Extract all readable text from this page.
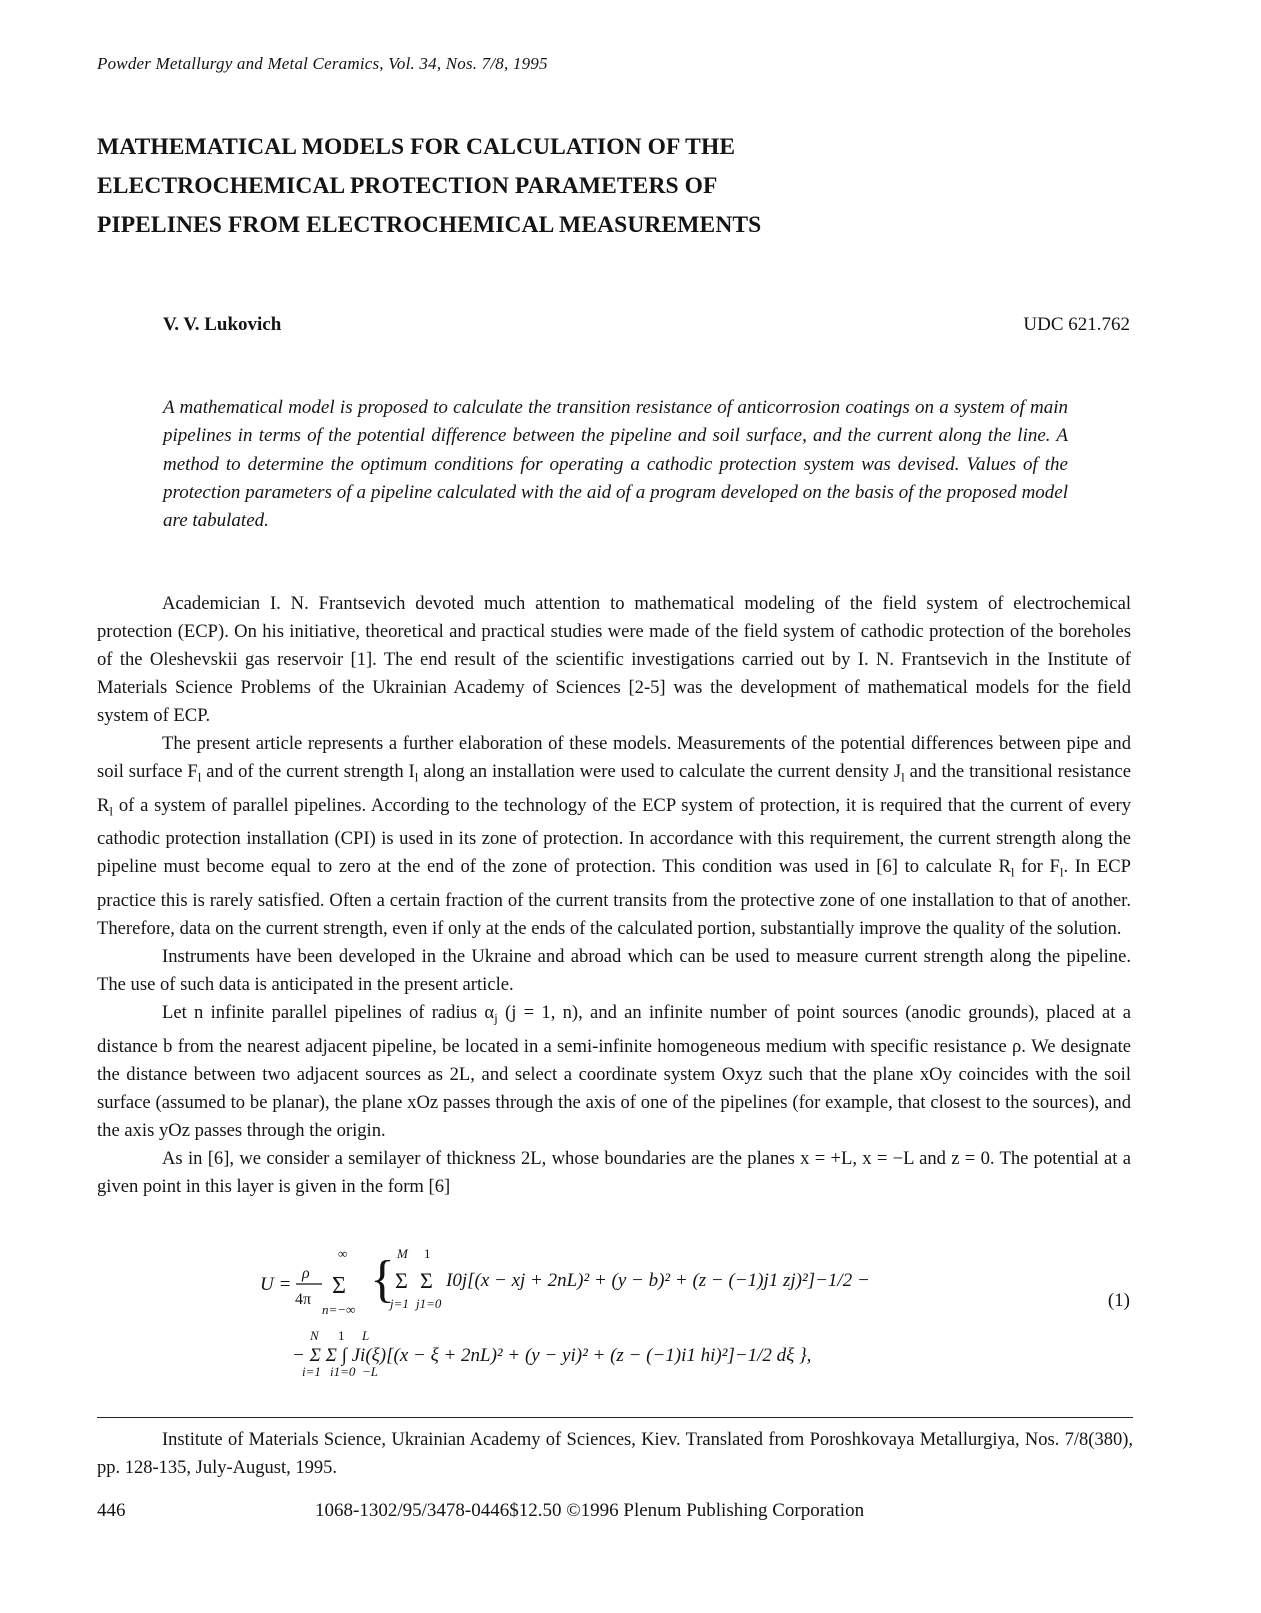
Powder Metallurgy and Metal Ceramics, Vol. 34, Nos. 7/8, 1995
MATHEMATICAL MODELS FOR CALCULATION OF THE
ELECTROCHEMICAL PROTECTION PARAMETERS OF
PIPELINES FROM ELECTROCHEMICAL MEASUREMENTS
V. V. Lukovich	UDC 621.762
A mathematical model is proposed to calculate the transition resistance of anticorrosion coatings on a system of main pipelines in terms of the potential difference between the pipeline and soil surface, and the current along the line. A method to determine the optimum conditions for operating a cathodic protection system was devised. Values of the protection parameters of a pipeline calculated with the aid of a program developed on the basis of the proposed model are tabulated.

Academician I. N. Frantsevich devoted much attention to mathematical modeling of the field system of electrochemical protection (ECP). On his initiative, theoretical and practical studies were made of the field system of cathodic protection of the boreholes of the Oleshevskii gas reservoir [1]. The end result of the scientific investigations carried out by I. N. Frantsevich in the Institute of Materials Science Problems of the Ukrainian Academy of Sciences [2-5] was the development of mathematical models for the field system of ECP.

The present article represents a further elaboration of these models. Measurements of the potential differences between pipe and soil surface $F_l$ and of the current strength $I_l$ along an installation were used to calculate the current density $J_l$ and the transitional resistance $R_l$ of a system of parallel pipelines. According to the technology of the ECP system of protection, it is required that the current of every cathodic protection installation (CPI) is used in its zone of protection. In accordance with this requirement, the current strength along the pipeline must become equal to zero at the end of the zone of protection. This condition was used in [6] to calculate $R_l$ for $F_l$. In ECP practice this is rarely satisfied. Often a certain fraction of the current transits from the protective zone of one installation to that of another. Therefore, data on the current strength, even if only at the ends of the calculated portion, substantially improve the quality of the solution.

Instruments have been developed in the Ukraine and abroad which can be used to measure current strength along the pipeline. The use of such data is anticipated in the present article.

Let n infinite parallel pipelines of radius $\alpha_j$ (j = 1, n), and an infinite number of point sources (anodic grounds), placed at a distance b from the nearest adjacent pipeline, be located in a semi-infinite homogeneous medium with specific resistance ρ. We designate the distance between two adjacent sources as 2L, and select a coordinate system Oxyz such that the plane xOy coincides with the soil surface (assumed to be planar), the plane xOz passes through the axis of one of the pipelines (for example, that closest to the sources), and the axis yOz passes through the origin.

As in [6], we consider a semilayer of thickness 2L, whose boundaries are the planes x = +L, x = −L and z = 0. The potential at a given point in this layer is given in the form [6]

U =
ρ
4π
∞
Σ
n=−∞
{ M
Σ
j=1
1
Σ
j1=0
I0j[(x − xj + 2nL)² + (y − b)² + (z − (−1)j1 zj)²]−1/2 −
N 1 L
− Σ Σ ∫ Ji(ξ)[(x − ξ + 2nL)² + (y − yi)² + (z − (−1)i1 hi)²]−1/2 dξ },
i=1 i1=0 −L
(1)

Institute of Materials Science, Ukrainian Academy of Sciences, Kiev. Translated from Poroshkovaya Metallurgiya, Nos. 7/8(380), pp. 128-135, July-August, 1995.

446	1068-1302/95/3478-0446$12.50 ©1996 Plenum Publishing Corporation
